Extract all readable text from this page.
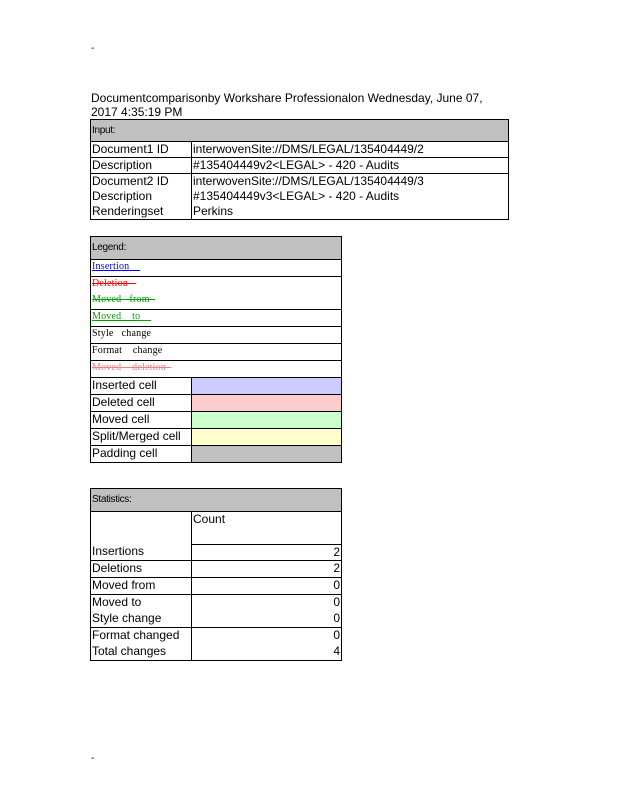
-
Documentcomparisonby Workshare Professionalon Wednesday, June 07, 2017 4:35:19 PM
Input:	
Document1 ID	interwovenSite://DMS/LEGAL/135404449/2
Description	#135404449v2<LEGAL> - 420 - Audits
Document2 ID	interwovenSite://DMS/LEGAL/135404449/3
Description	#135404449v3<LEGAL> - 420 - Audits
Renderingset	Perkins
Legend:	
Insertion	
Deletion	
Moved   from	
Moved    to	
Style   change	
Format    change	
Moved    deletion	
Inserted cell	
Deleted cell	
Moved cell	
Split/Merged cell	
Padding cell	
Statistics:	
	Count
Insertions	2
Deletions	2
Moved from	0
Moved to	0
Style change	0
Format changed	0
Total changes	4
-
